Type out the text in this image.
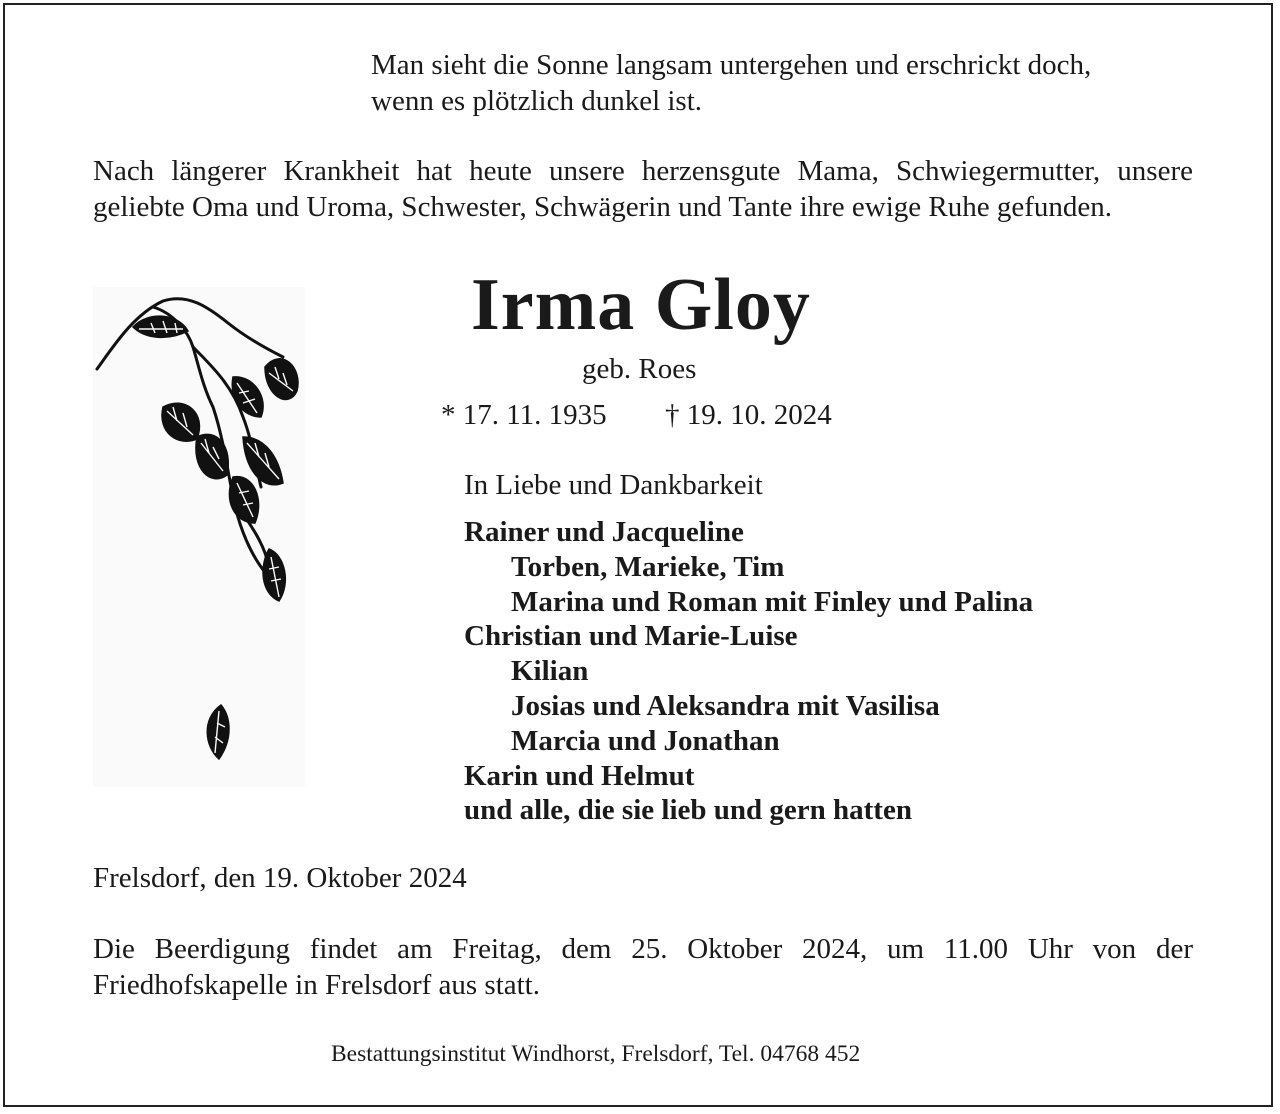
Man sieht die Sonne langsam untergehen und erschrickt doch,
wenn es plötzlich dunkel ist.
Nach längerer Krankheit hat heute unsere herzensgute Mama, Schwiegermutter, unsere geliebte Oma und Uroma, Schwester, Schwägerin und Tante ihre ewige Ruhe gefunden.
Irma Gloy
geb. Roes
* 17. 11. 1935 † 19. 10. 2024
In Liebe und Dankbarkeit
Rainer und Jacqueline
Torben, Marieke, Tim
Marina und Roman mit Finley und Palina
Christian und Marie-Luise
Kilian
Josias und Aleksandra mit Vasilisa
Marcia und Jonathan
Karin und Helmut
und alle, die sie lieb und gern hatten
Frelsdorf, den 19. Oktober 2024
Die Beerdigung findet am Freitag, dem 25. Oktober 2024, um 11.00 Uhr von der Friedhofskapelle in Frelsdorf aus statt.
Bestattungsinstitut Windhorst, Frelsdorf, Tel. 04768 452
